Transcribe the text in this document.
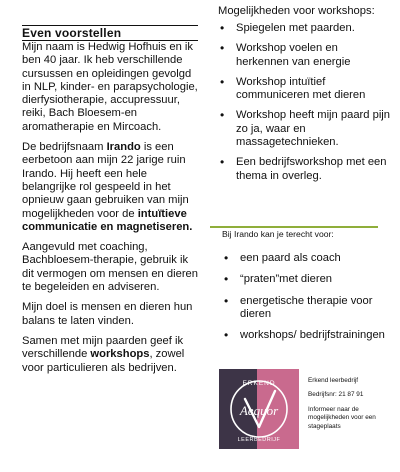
Even voorstellen

Mijn naam is Hedwig Hofhuis en ik ben 40 jaar. Ik heb verschillende cursussen en opleidingen gevolgd in NLP, kinder- en parapsychologie, dierfysiotherapie, accupressuur, reiki, Bach Bloesem-en aromatherapie en Mircoach.

De bedrijfsnaam Irando is een eerbetoon aan mijn 22 jarige ruin Irando. Hij heeft een hele belangrijke rol gespeeld in het opnieuw gaan gebruiken van mijn mogelijkheden voor de intuïtieve communicatie en magnetiseren.

Aangevuld met coaching, Bachbloesem-therapie, gebruik ik dit vermogen om mensen en dieren te begeleiden en adviseren.

Mijn doel is mensen en dieren hun balans te laten vinden.

Samen met mijn paarden geef ik verschillende workshops, zowel voor particulieren als bedrijven.

Mogelijkheden voor workshops:

• Spiegelen met paarden.
• Workshop voelen en herkennen van energie
• Workshop intuïtief communiceren met dieren
• Workshop heeft mijn paard pijn zo ja, waar en massagetechnieken.
• Een bedrijfsworkshop met een thema in overleg.
Bij Irando kan je terecht voor:
• een paard als coach
• “praten”met dieren
• energetische therapie voor dieren
• workshops/ bedrijfstrainingen
ERKEND
Aequor
LEERBEDRIJF

Erkend leerbedrijf

Bedrijfsnr: 21 87 91

Informeer naar de mogelijkheden voor een stageplaats
